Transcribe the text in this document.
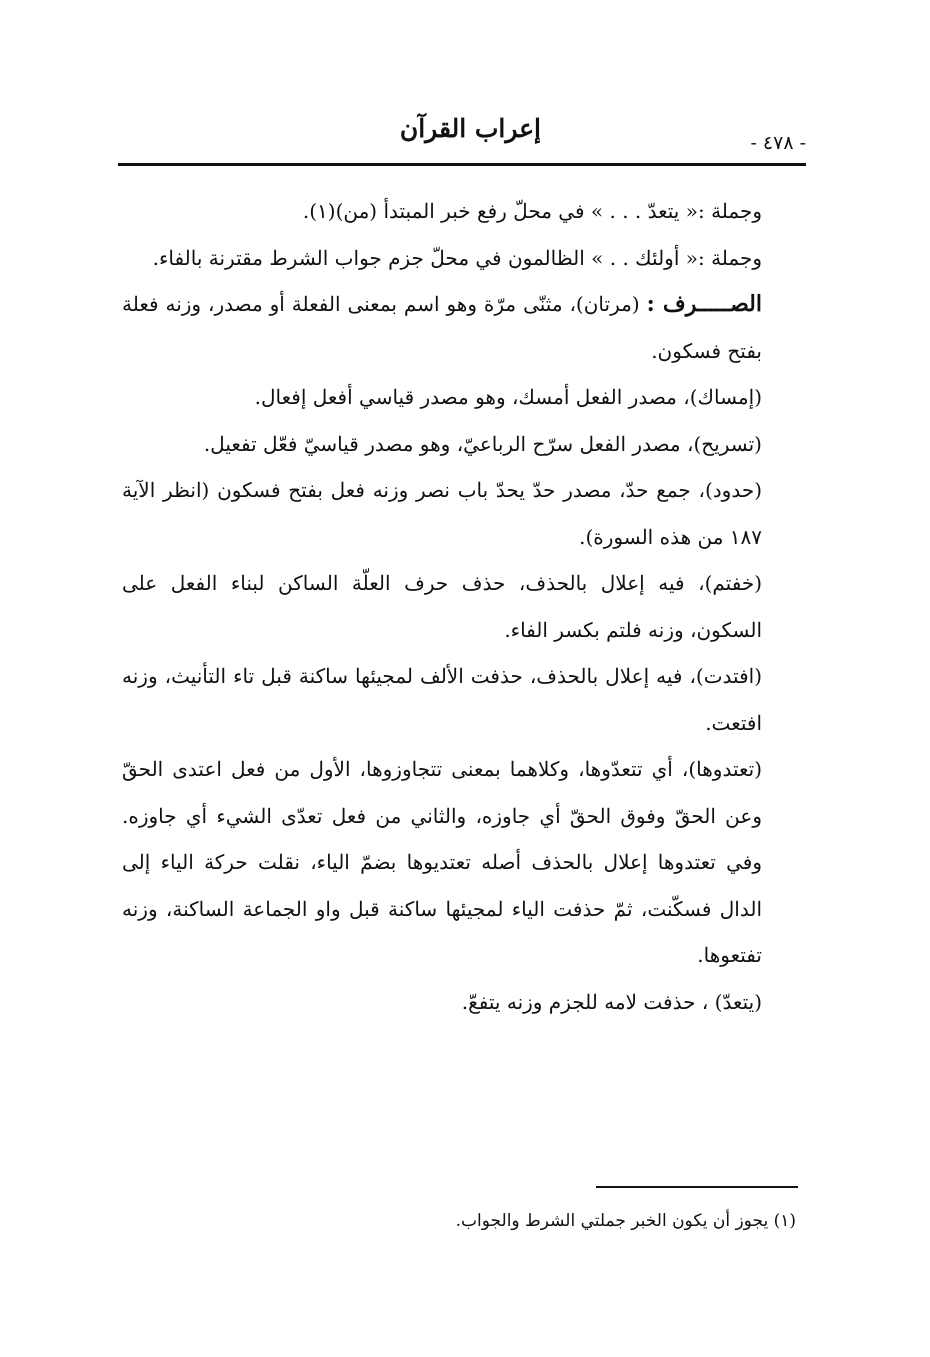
إعراب القرآن	- ٤٧٨ -

وجملة :« يتعدّ . . . » في محلّ رفع خبر المبتدأ (من)(١).

وجملة :« أولئك . . » الظالمون في محلّ جزم جواب الشرط مقترنة بالفاء.

الصـــــرف : (مرتان)، مثنّى مرّة وهو اسم بمعنى الفعلة أو مصدر، وزنه فعلة بفتح فسكون.

(إمساك)، مصدر الفعل أمسك، وهو مصدر قياسي أفعل إفعال.

(تسريح)، مصدر الفعل سرّح الرباعيّ، وهو مصدر قياسيّ فعّل تفعيل.

(حدود)، جمع حدّ، مصدر حدّ يحدّ باب نصر وزنه فعل بفتح فسكون (انظر الآية ١٨٧ من هذه السورة).

(خفتم)، فيه إعلال بالحذف، حذف حرف العلّة الساكن لبناء الفعل على السكون، وزنه فلتم بكسر الفاء.

(افتدت)، فيه إعلال بالحذف، حذفت الألف لمجيئها ساكنة قبل تاء التأنيث، وزنه افتعت.

(تعتدوها)، أي تتعدّوها، وكلاهما بمعنى تتجاوزوها، الأول من فعل اعتدى الحقّ وعن الحقّ وفوق الحقّ أي جاوزه، والثاني من فعل تعدّى الشيء أي جاوزه. وفي تعتدوها إعلال بالحذف أصله تعتديوها بضمّ الياء، نقلت حركة الياء إلى الدال فسكّنت، ثمّ حذفت الياء لمجيئها ساكنة قبل واو الجماعة الساكنة، وزنه تفتعوها.

(يتعدّ) ، حذفت لامه للجزم وزنه يتفعّ.

(١) يجوز أن يكون الخبر جملتي الشرط والجواب.
